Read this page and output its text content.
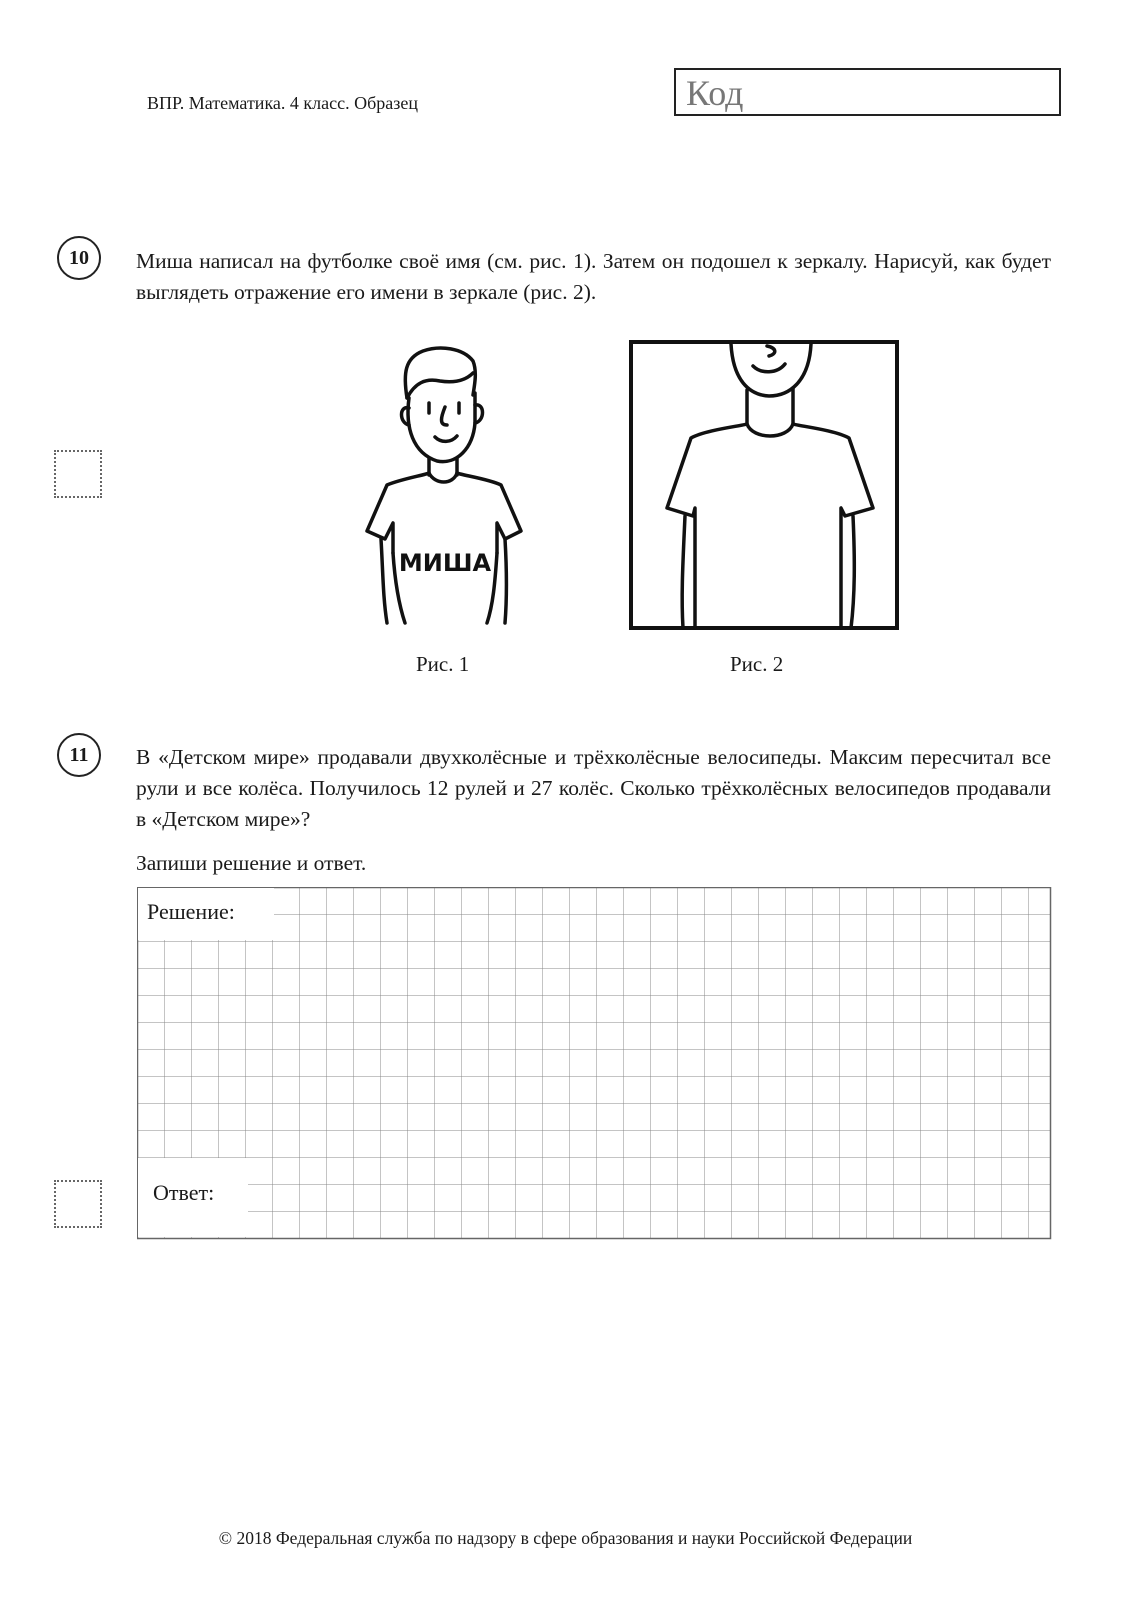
ВПР. Математика. 4 класс. Образец	Код
10	Миша написал на футболке своё имя (см. рис. 1). Затем он подошел к зеркалу. Нарисуй, как будет выглядеть отражение его имени в зеркале (рис. 2).

МИША
Рис. 1	Рис. 2
11	В «Детском мире» продавали двухколёсные и трёхколёсные велосипеды. Максим пересчитал все рули и все колёса. Получилось 12 рулей и 27 колёс. Сколько трёхколёсных велосипедов продавали в «Детском мире»?

Запиши решение и ответ.

Решение:
Ответ:
© 2018 Федеральная служба по надзору в сфере образования и науки Российской Федерации
